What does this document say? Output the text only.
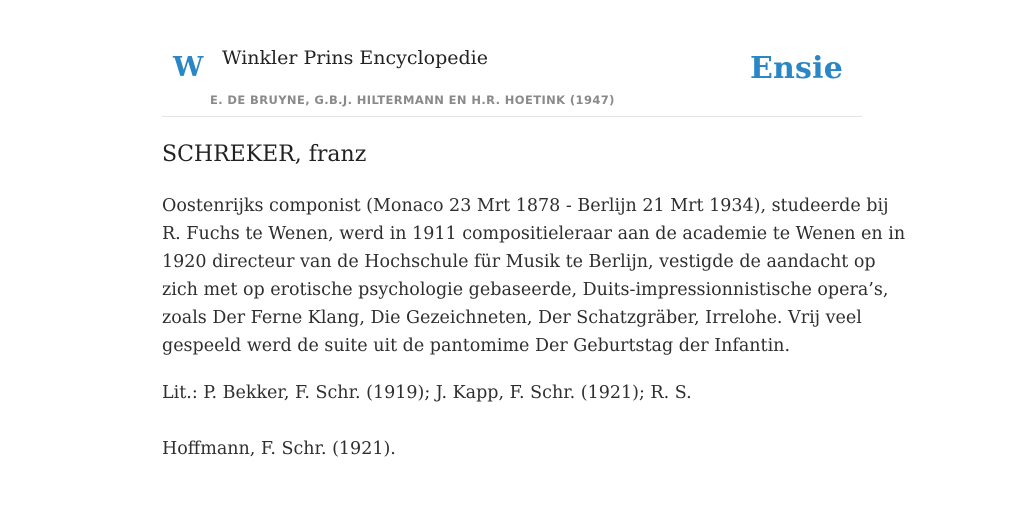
W Winkler Prins Encyclopedie
E. DE BRUYNE, G.B.J. HILTERMANN EN H.R. HOETINK (1947)
Ensie
SCHREKER, franz

Oostenrijks componist (Monaco 23 Mrt 1878 - Berlijn 21 Mrt 1934), studeerde bij
R. Fuchs te Wenen, werd in 1911 compositieleraar aan de academie te Wenen en in
1920 directeur van de Hochschule für Musik te Berlijn, vestigde de aandacht op
zich met op erotische psychologie gebaseerde, Duits-impressionnistische opera’s,
zoals Der Ferne Klang, Die Gezeichneten, Der Schatzgräber, Irrelohe. Vrij veel
gespeeld werd de suite uit de pantomime Der Geburtstag der Infantin.

Lit.: P. Bekker, F. Schr. (1919); J. Kapp, F. Schr. (1921); R. S.
Hoffmann, F. Schr. (1921).
